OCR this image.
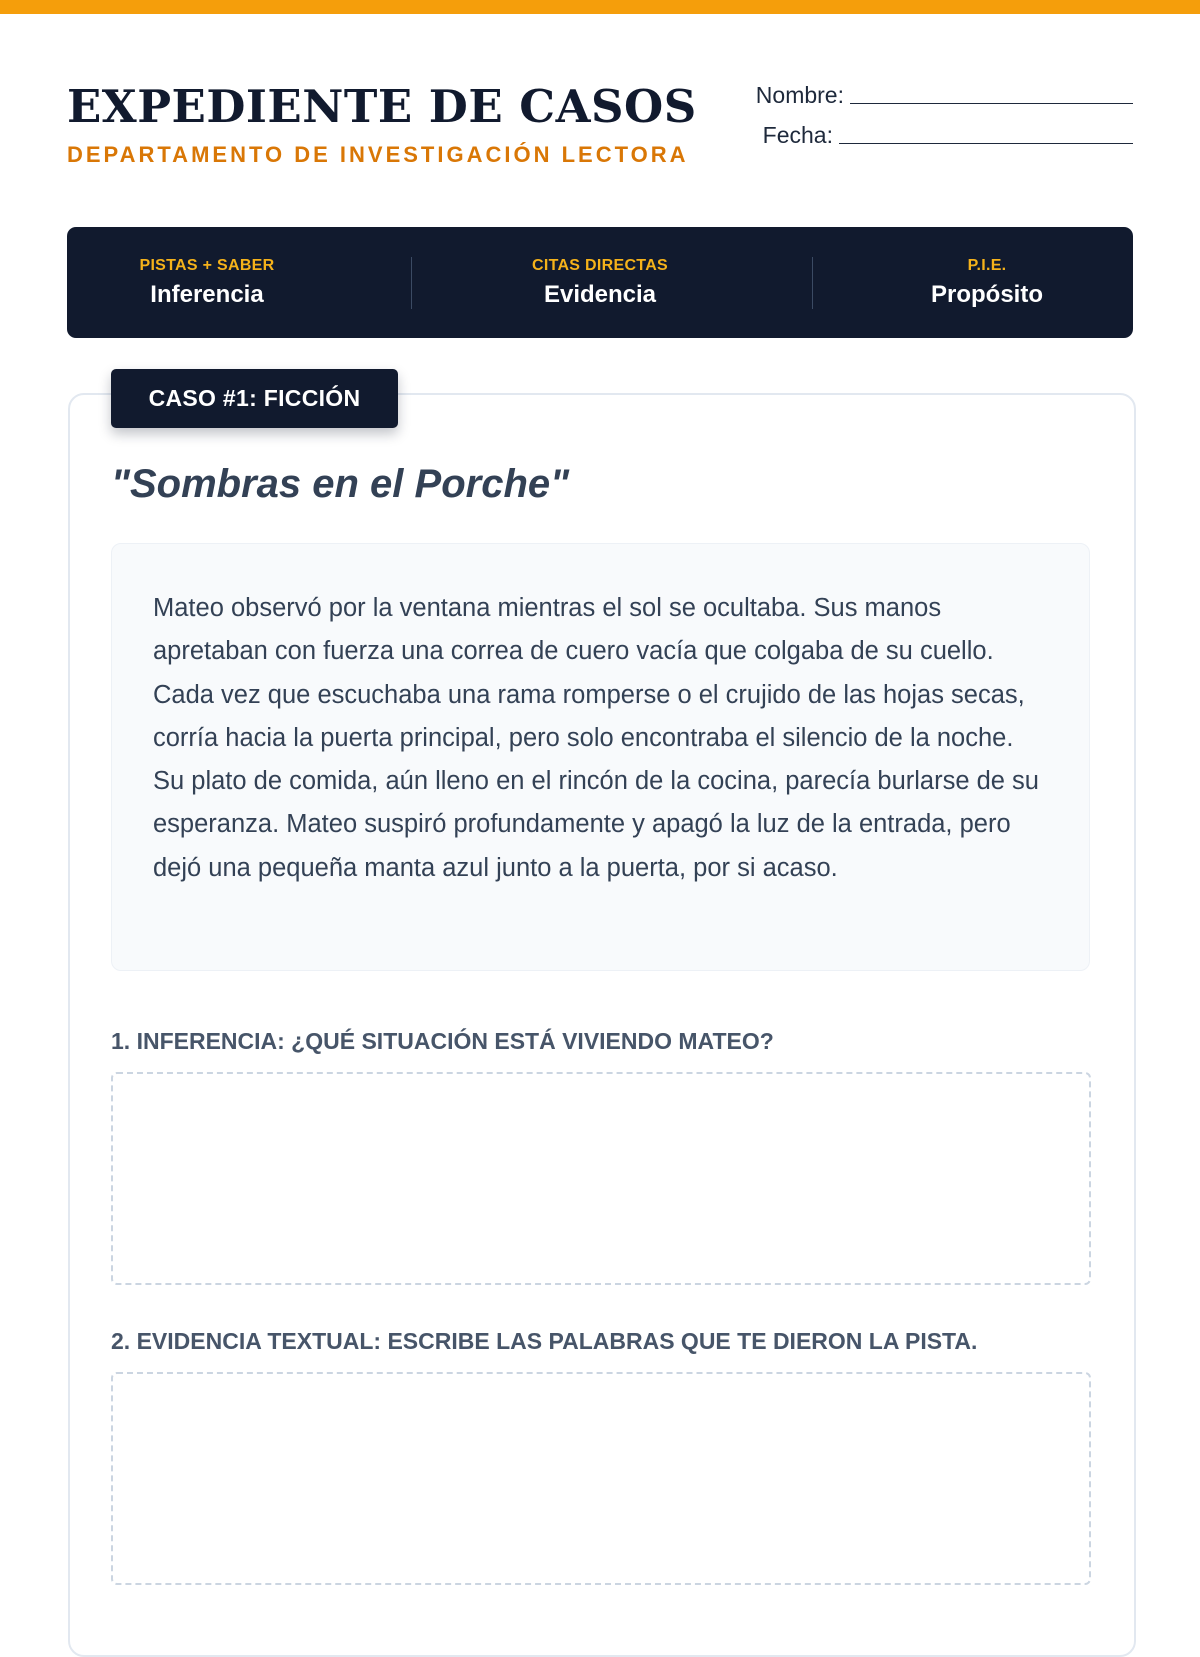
EXPEDIENTE DE CASOS
DEPARTAMENTO DE INVESTIGACIÓN LECTORA
Nombre:
Fecha:
PISTAS + SABER
Inferencia
CITAS DIRECTAS
Evidencia
P.I.E.
Propósito
CASO #1: FICCIÓN
"Sombras en el Porche"

Mateo observó por la ventana mientras el sol se ocultaba. Sus manos apretaban con fuerza una correa de cuero vacía que colgaba de su cuello. Cada vez que escuchaba una rama romperse o el crujido de las hojas secas, corría hacia la puerta principal, pero solo encontraba el silencio de la noche. Su plato de comida, aún lleno en el rincón de la cocina, parecía burlarse de su esperanza. Mateo suspiró profundamente y apagó la luz de la entrada, pero dejó una pequeña manta azul junto a la puerta, por si acaso.

1. INFERENCIA: ¿QUÉ SITUACIÓN ESTÁ VIVIENDO MATEO?
2. EVIDENCIA TEXTUAL: ESCRIBE LAS PALABRAS QUE TE DIERON LA PISTA.
